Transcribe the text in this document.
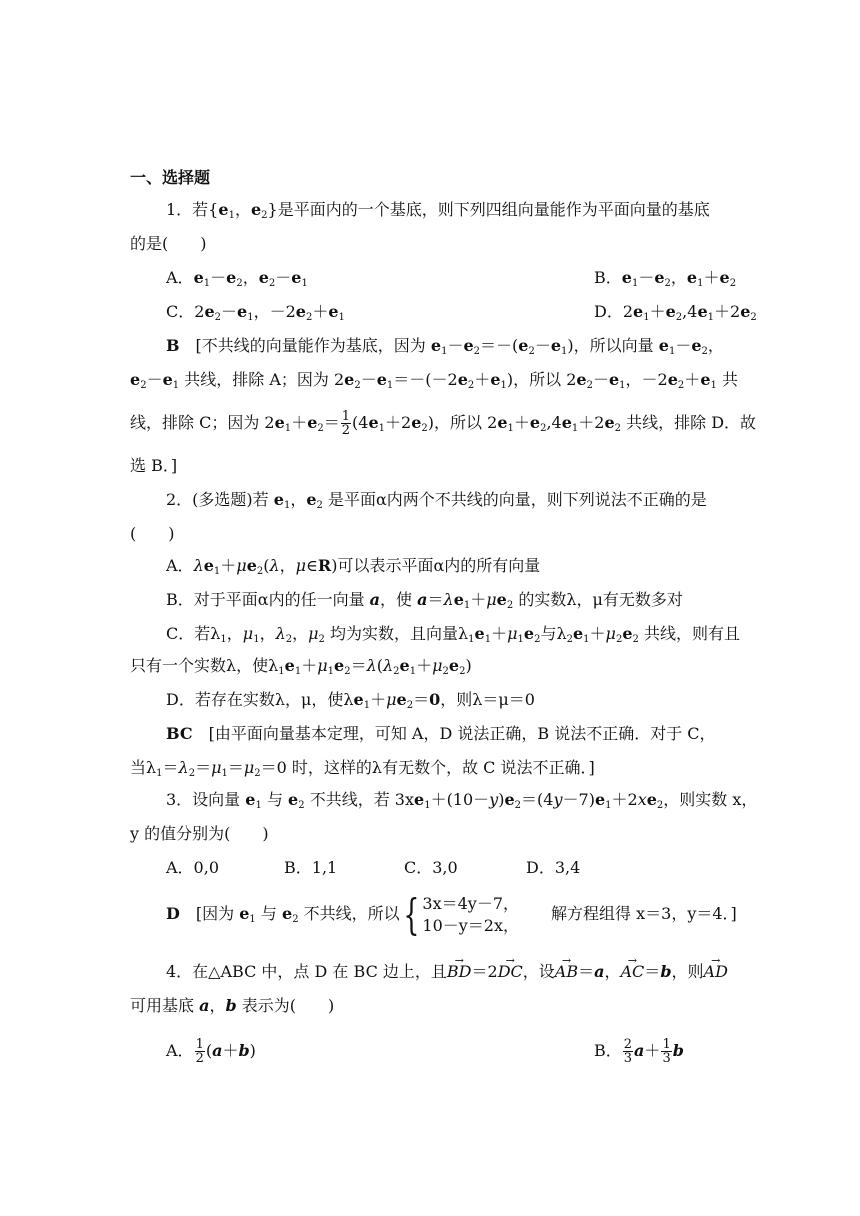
一、选择题
1．若{$e_1$，$e_2$}是平面内的一个基底，则下列四组向量能作为平面向量的基底
的是(　　)
A．$e_1-e_2$，$e_2-e_1$	B．$e_1-e_2$，$e_1+e_2$
C．$2e_2-e_1$，$-2e_2+e_1$	D．$2e_1+e_2,4e_1+2e_2$
B　 [不共线的向量能作为基底，因为 $e_1-e_2=-(e_2-e_1)$，所以向量 $e_1-e_2$，
$e_2-e_1$ 共线，排除 A；因为 $2e_2-e_1=-(-2e_2+e_1)$，所以 $2e_2-e_1$，$-2e_2+e_1$ 共
线，排除 C；因为 $2e_1+e_2= \frac{1}{2} (4e_1+2e_2)$，所以 $2e_1+e_2,4e_1+2e_2$ 共线，排除 D．故
选 B．]
2．(多选题)若 $e_1$，$e_2$ 是平面α内两个不共线的向量，则下列说法不正确的是
(　　)
A．$\lambda e_1+\mu e_2(\lambda$，μ∈R)可以表示平面α内的所有向量
B．对于平面α内的任一向量 a，使 $a=\lambda e_1+\mu e_2$ 的实数λ，μ有无数多对
C．若$\lambda_1$，$\mu_1$，$\lambda_2$，$\mu_2$ 均为实数，且向量$\lambda_1e_1+\mu_1e_2$与$\lambda_2e_1+\mu_2e_2$ 共线，则有且
只有一个实数λ，使$\lambda_1e_1+\mu_1e_2=\lambda(\lambda_2e_1+\mu_2e_2)$
D．若存在实数λ，μ，使$\lambda e_1+\mu e_2=0$，则λ＝μ＝0
BC　 [由平面向量基本定理，可知 A，D 说法正确，B 说法不正确．对于 C，
当$\lambda_1=\lambda_2=\mu_1=\mu_2=0$ 时，这样的λ有无数个，故 C 说法不正确．]
3．设向量 $e_1$ 与 $e_2$ 不共线，若 $3xe_1+(10-y)e_2=(4y-7)e_1+2xe_2$，则实数 x，
y 的值分别为(　　)
A．0,0	B．1,1	C．3,0	D．3,4
D　 [因为 $e_1$ 与 $e_2$ 不共线，所以{ 3x＝4y－7，
10－y＝2x，
　　解方程组得 x＝3，y＝4．]
4．在△ABC 中，点 D 在 BC 边上，且→ BD＝2→ DC，设→ AB＝a，→ AC＝b，则→ AD
可用基底 a，b 表示为(　　)
A． $\frac{1}{2} (a+b)$	B． $\frac{2}{3} a+ \frac{1}{3}$ b
